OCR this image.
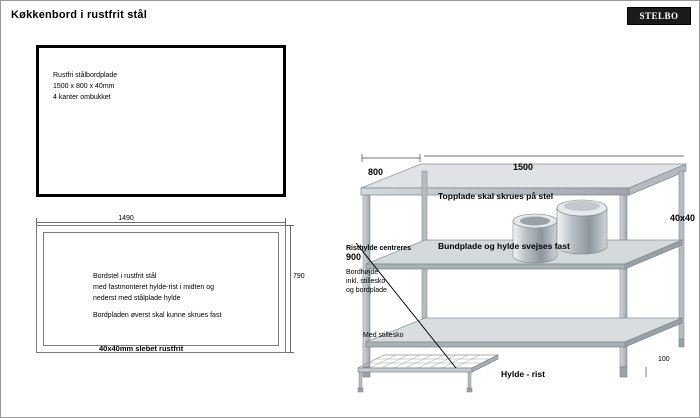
Køkkenbord i rustfrit stål	STELBO
Rustfri stålbordplade
1500 x 800 x 40mm
4 kanter ombukket
1490
790
Bordstel i rustfrit stål
med fastmonteret hylde-rist i midten og
nederst med stålplade hylde
Bordpladen øverst skal kunne skrues fast
40x40mm slebet rustfrit
800	1500
40x40
900
100
Topplade skal skrues på stel
Bundplade og hylde svejses fast
Risthylde centreres
Bordhøjde
inkl. stillesko
og bordplade
Med stillesko
Hylde - rist
